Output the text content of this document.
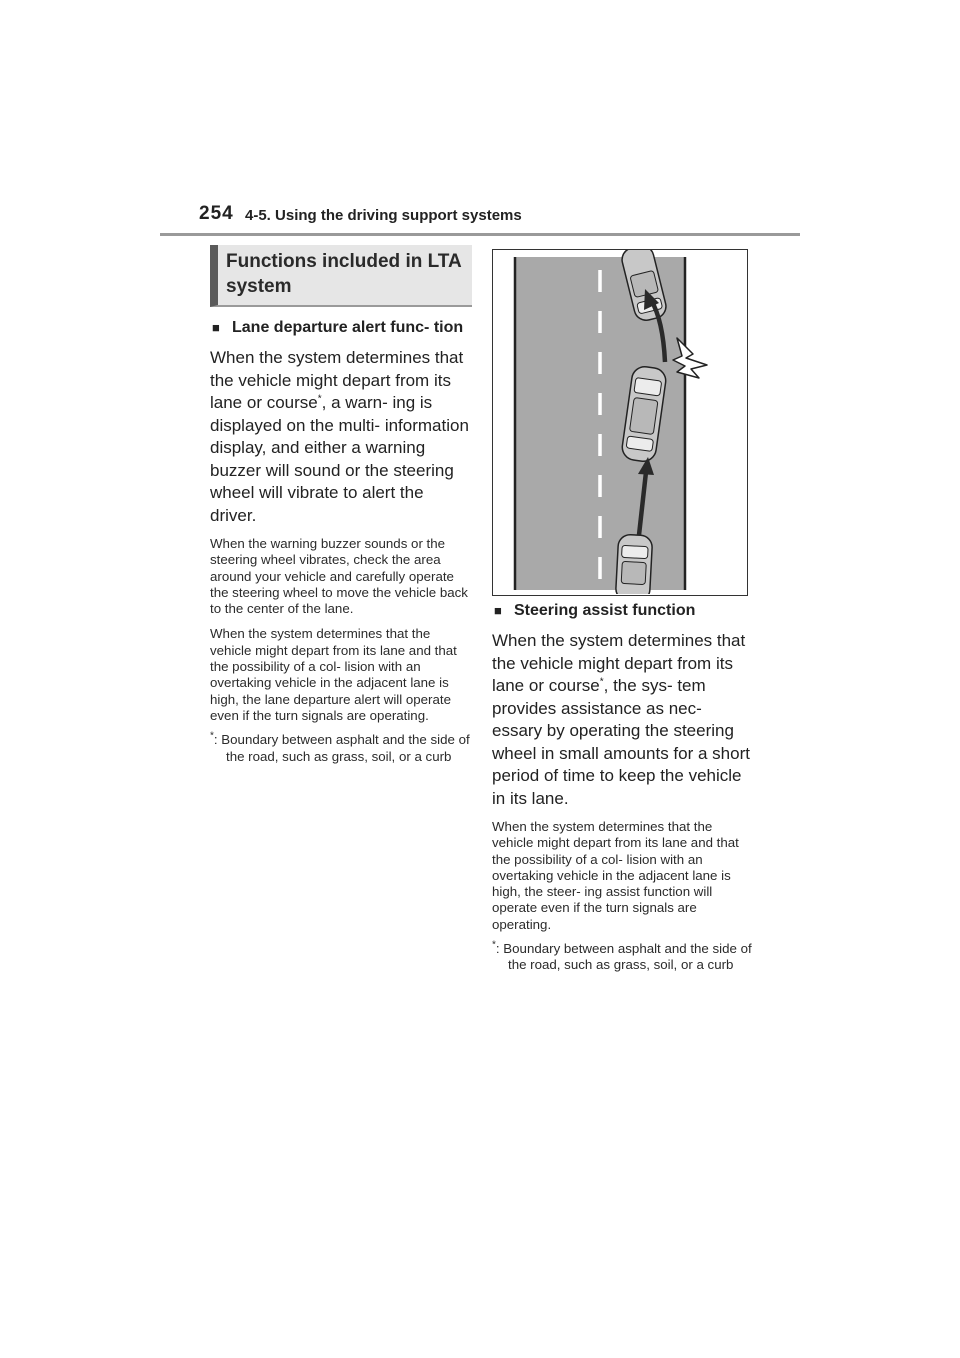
254 4-5. Using the driving support systems
Functions included in LTA system
■ Lane departure alert func- tion
When the system determines that the vehicle might depart from its lane or course*, a warn- ing is displayed on the multi- information display, and either a warning buzzer will sound or the steering wheel will vibrate to alert the driver.
When the warning buzzer sounds or the steering wheel vibrates, check the area around your vehicle and carefully operate the steering wheel to move the vehicle back to the center of the lane.
When the system determines that the vehicle might depart from its lane and that the possibility of a col- lision with an overtaking vehicle in the adjacent lane is high, the lane departure alert will operate even if the turn signals are operating.
*: Boundary between asphalt and the side of the road, such as grass, soil, or a curb
■ Steering assist function
When the system determines that the vehicle might depart from its lane or course*, the sys- tem provides assistance as nec- essary by operating the steering wheel in small amounts for a short period of time to keep the vehicle in its lane.
When the system determines that the vehicle might depart from its lane and that the possibility of a col- lision with an overtaking vehicle in the adjacent lane is high, the steer- ing assist function will operate even if the turn signals are operating.
*: Boundary between asphalt and the side of the road, such as grass, soil, or a curb
